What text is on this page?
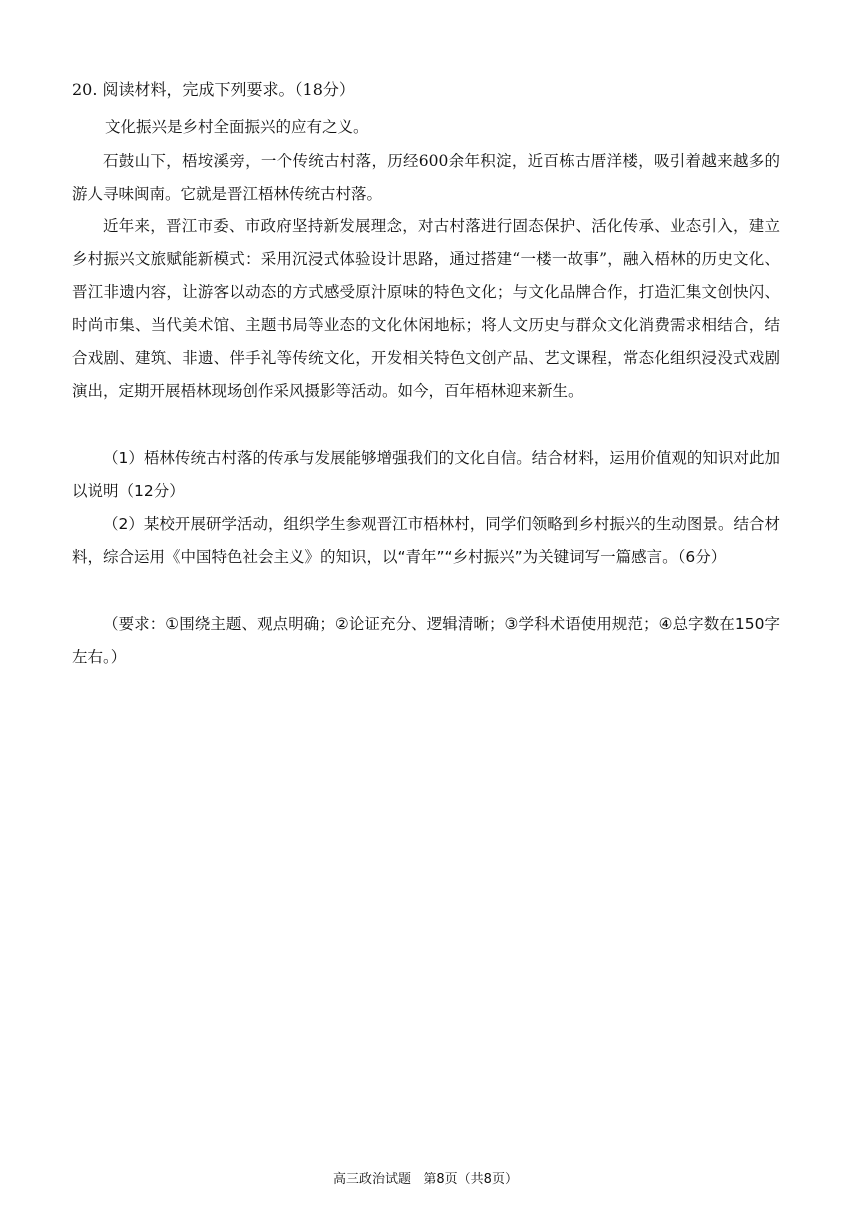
20. 阅读材料，完成下列要求。（18分）
文化振兴是乡村全面振兴的应有之义。
石鼓山下，梧垵溪旁，一个传统古村落，历经600余年积淀，近百栋古厝洋楼，吸引着越来越多的游人寻味闽南。它就是晋江梧林传统古村落。
近年来，晋江市委、市政府坚持新发展理念，对古村落进行固态保护、活化传承、业态引入，建立乡村振兴文旅赋能新模式：采用沉浸式体验设计思路，通过搭建“一楼一故事”，融入梧林的历史文化、晋江非遗内容，让游客以动态的方式感受原汁原味的特色文化；与文化品牌合作，打造汇集文创快闪、时尚市集、当代美术馆、主题书局等业态的文化休闲地标；将人文历史与群众文化消费需求相结合，结合戏剧、建筑、非遗、伴手礼等传统文化，开发相关特色文创产品、艺文课程，常态化组织浸没式戏剧演出，定期开展梧林现场创作采风摄影等活动。如今，百年梧林迎来新生。
（1）梧林传统古村落的传承与发展能够增强我们的文化自信。结合材料，运用价值观的知识对此加以说明（12分）
（2）某校开展研学活动，组织学生参观晋江市梧林村，同学们领略到乡村振兴的生动图景。结合材料，综合运用《中国特色社会主义》的知识，以“青年”“乡村振兴”为关键词写一篇感言。（6分）
（要求：①围绕主题、观点明确；②论证充分、逻辑清晰；③学科术语使用规范；④总字数在150字左右。）
高三政治试题   第8页（共8页）
